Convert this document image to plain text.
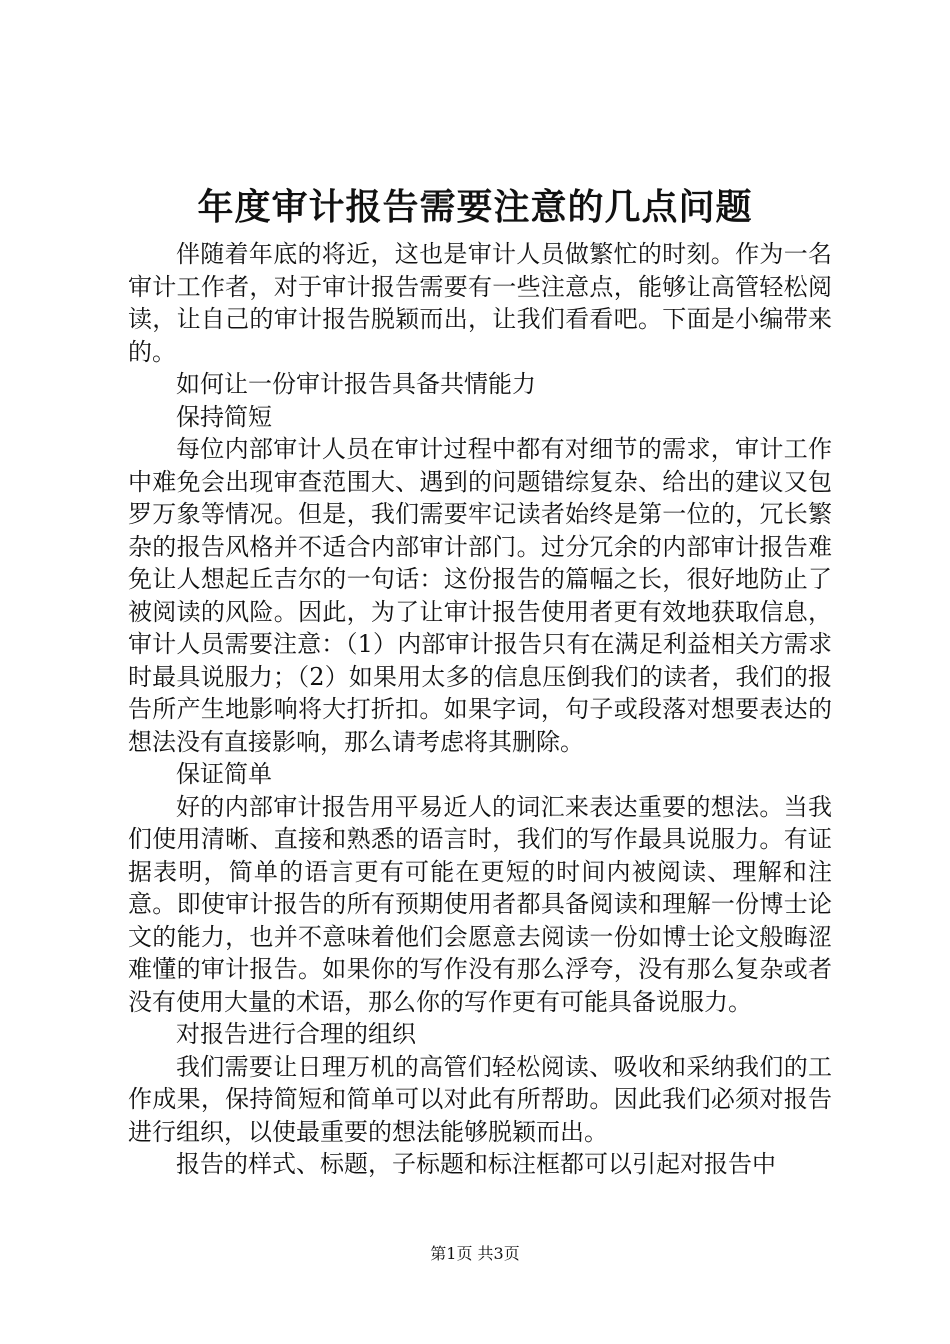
年度审计报告需要注意的几点问题

伴随着年底的将近，这也是审计人员做繁忙的时刻。作为一名审计工作者，对于审计报告需要有一些注意点，能够让高管轻松阅读，让自己的审计报告脱颖而出，让我们看看吧。下面是小编带来的。

如何让一份审计报告具备共情能力

保持简短

每位内部审计人员在审计过程中都有对细节的需求，审计工作中难免会出现审查范围大、遇到的问题错综复杂、给出的建议又包罗万象等情况。但是，我们需要牢记读者始终是第一位的，冗长繁杂的报告风格并不适合内部审计部门。过分冗余的内部审计报告难免让人想起丘吉尔的一句话：这份报告的篇幅之长，很好地防止了被阅读的风险。因此，为了让审计报告使用者更有效地获取信息，审计人员需要注意：（1）内部审计报告只有在满足利益相关方需求时最具说服力；（2）如果用太多的信息压倒我们的读者，我们的报告所产生地影响将大打折扣。如果字词，句子或段落对想要表达的想法没有直接影响，那么请考虑将其删除。

保证简单

好的内部审计报告用平易近人的词汇来表达重要的想法。当我们使用清晰、直接和熟悉的语言时，我们的写作最具说服力。有证据表明，简单的语言更有可能在更短的时间内被阅读、理解和注意。即使审计报告的所有预期使用者都具备阅读和理解一份博士论文的能力，也并不意味着他们会愿意去阅读一份如博士论文般晦涩难懂的审计报告。如果你的写作没有那么浮夸，没有那么复杂或者没有使用大量的术语，那么你的写作更有可能具备说服力。

对报告进行合理的组织

我们需要让日理万机的高管们轻松阅读、吸收和采纳我们的工作成果，保持简短和简单可以对此有所帮助。因此我们必须对报告进行组织，以使最重要的想法能够脱颖而出。

报告的样式、标题，子标题和标注框都可以引起对报告中

第1页 共3页
